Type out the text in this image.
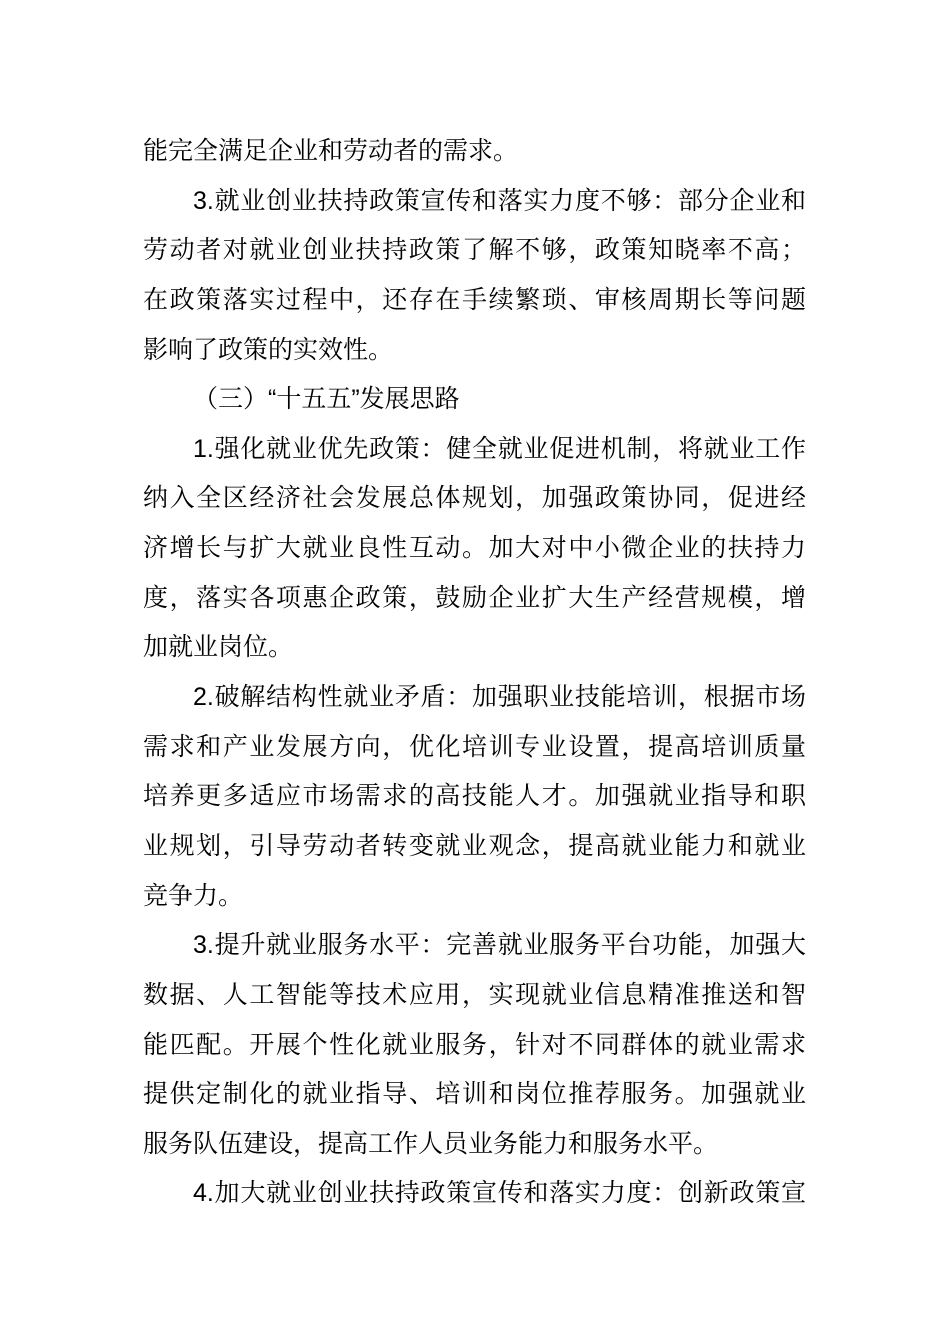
能完全满足企业和劳动者的需求。
3.就业创业扶持政策宣传和落实力度不够：部分企业和
劳动者对就业创业扶持政策了解不够，政策知晓率不高；
在政策落实过程中，还存在手续繁琐、审核周期长等问题
影响了政策的实效性。
（三）“十五五”发展思路
1.强化就业优先政策：健全就业促进机制，将就业工作
纳入全区经济社会发展总体规划，加强政策协同，促进经
济增长与扩大就业良性互动。加大对中小微企业的扶持力
度，落实各项惠企政策，鼓励企业扩大生产经营规模，增
加就业岗位。
2.破解结构性就业矛盾：加强职业技能培训，根据市场
需求和产业发展方向，优化培训专业设置，提高培训质量
培养更多适应市场需求的高技能人才。加强就业指导和职
业规划，引导劳动者转变就业观念，提高就业能力和就业
竞争力。
3.提升就业服务水平：完善就业服务平台功能，加强大
数据、人工智能等技术应用，实现就业信息精准推送和智
能匹配。开展个性化就业服务，针对不同群体的就业需求
提供定制化的就业指导、培训和岗位推荐服务。加强就业
服务队伍建设，提高工作人员业务能力和服务水平。
4.加大就业创业扶持政策宣传和落实力度：创新政策宣
